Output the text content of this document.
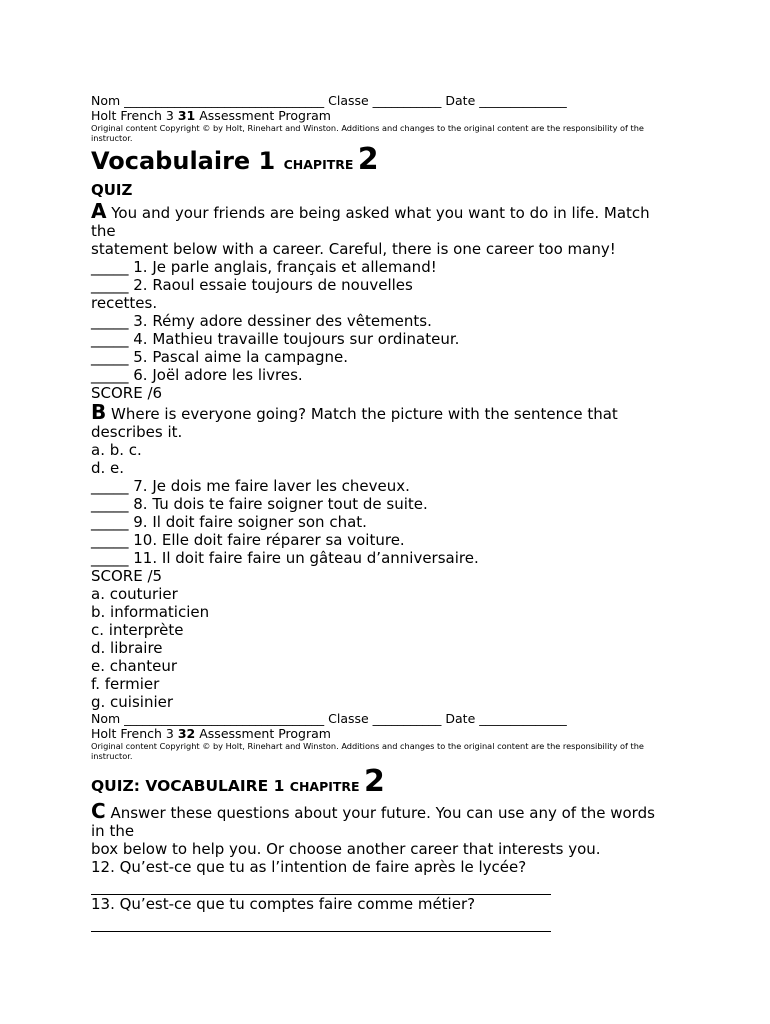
Nom ________________________________ Classe ___________ Date ______________
Holt French 3 31 Assessment Program
Original content Copyright © by Holt, Rinehart and Winston. Additions and changes to the original content are the responsibility of the instructor.
Vocabulaire 1 CHAPITRE 2
QUIZ
A You and your friends are being asked what you want to do in life. Match
the
statement below with a career. Careful, there is one career too many!
_____ 1. Je parle anglais, français et allemand!
_____ 2. Raoul essaie toujours de nouvelles
recettes.
_____ 3. Rémy adore dessiner des vêtements.
_____ 4. Mathieu travaille toujours sur ordinateur.
_____ 5. Pascal aime la campagne.
_____ 6. Joël adore les livres.
SCORE /6
B Where is everyone going? Match the picture with the sentence that
describes it.
a. b. c.
d. e.
_____ 7. Je dois me faire laver les cheveux.
_____ 8. Tu dois te faire soigner tout de suite.
_____ 9. Il doit faire soigner son chat.
_____ 10. Elle doit faire réparer sa voiture.
_____ 11. Il doit faire faire un gâteau d’anniversaire.
SCORE /5
a. couturier
b. informaticien
c. interprète
d. libraire
e. chanteur
f. fermier
g. cuisinier
Nom ________________________________ Classe ___________ Date ______________
Holt French 3 32 Assessment Program
Original content Copyright © by Holt, Rinehart and Winston. Additions and changes to the original content are the responsibility of the instructor.
QUIZ: VOCABULAIRE 1 CHAPITRE 2
C Answer these questions about your future. You can use any of the words
in the
box below to help you. Or choose another career that interests you.
12. Qu’est-ce que tu as l’intention de faire après le lycée?
13. Qu’est-ce que tu comptes faire comme métier?
